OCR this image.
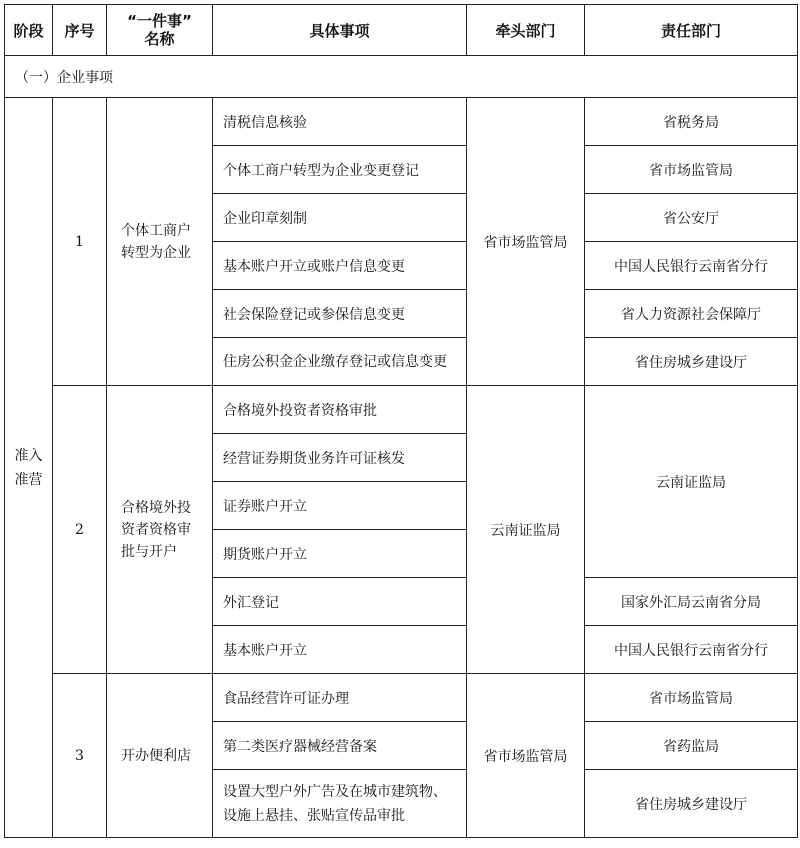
阶段	序号	“一件事”
名称	具体事项	牵头部门	责任部门
（一）企业事项					
准入准营	1	个体工商户转型为企业	清税信息核验	省市场监管局	省税务局
			个体工商户转型为企业变更登记		省市场监管局
			企业印章刻制		省公安厅
			基本账户开立或账户信息变更		中国人民银行云南省分行
			社会保险登记或参保信息变更		省人力资源社会保障厅
			住房公积金企业缴存登记或信息变更		省住房城乡建设厅
	2	合格境外投资者资格审批与开户	合格境外投资者资格审批	云南证监局	云南证监局
			经营证券期货业务许可证核发		
			证券账户开立		
			期货账户开立		
			外汇登记		国家外汇局云南省分局
			基本账户开立		中国人民银行云南省分行
	3	开办便利店	食品经营许可证办理	省市场监管局	省市场监管局
			第二类医疗器械经营备案		省药监局
			设置大型户外广告及在城市建筑物、设施上悬挂、张贴宣传品审批		省住房城乡建设厅
